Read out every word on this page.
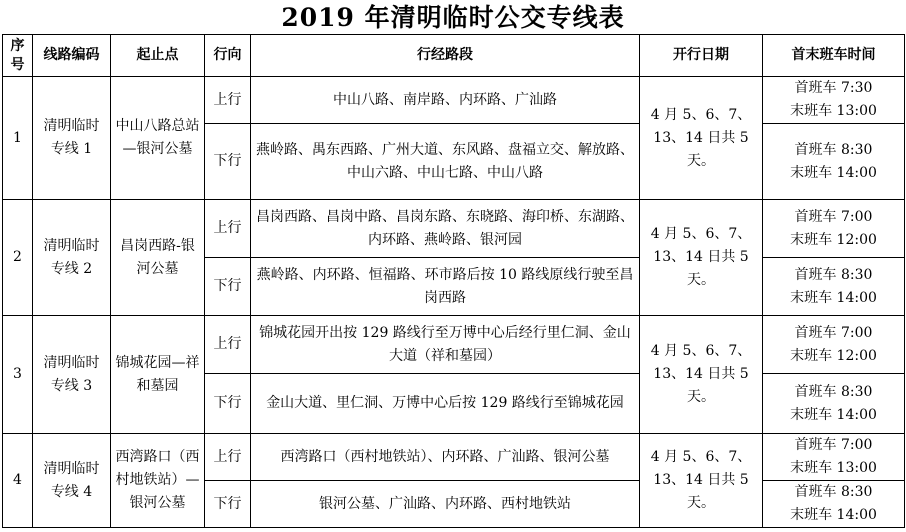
2019 年清明临时公交专线表
序号	线路编码	起止点	行向	行经路段	开行日期	首末班车时间
1	清明临时专线 1	中山八路总站—银河公墓	上行	中山八路、南岸路、内环路、广汕路	4 月 5、6、7、13、14 日共 5 天。	首班车 7:30
末班车 13:00

			下行	燕岭路、禺东西路、广州大道、东风路、盘福立交、解放路、中山六路、中山七路、中山八路		首班车 8:30
末班车 14:00

2	清明临时专线 2	昌岗西路-银河公墓	上行	昌岗西路、昌岗中路、昌岗东路、东晓路、海印桥、东湖路、内环路、燕岭路、银河园	4 月 5、6、7、13、14 日共 5 天。	首班车 7:00
末班车 12:00

			下行	燕岭路、内环路、恒福路、环市路后按 10 路线原线行驶至昌岗西路		首班车 8:30
末班车 14:00

3	清明临时专线 3	锦城花园—祥和墓园	上行	锦城花园开出按 129 路线行至万博中心后经行里仁洞、金山大道（祥和墓园）	4 月 5、6、7、13、14 日共 5 天。	首班车 7:00
末班车 12:00

			下行	金山大道、里仁洞、万博中心后按 129 路线行至锦城花园		首班车 8:30
末班车 14:00

4	清明临时专线 4	西湾路口（西村地铁站）—银河公墓	上行	西湾路口（西村地铁站）、内环路、广汕路、银河公墓	4 月 5、6、7、13、14 日共 5 天。	首班车 7:00
末班车 13:00

			下行	银河公墓、广汕路、内环路、西村地铁站		首班车 8:30
末班车 14:00
